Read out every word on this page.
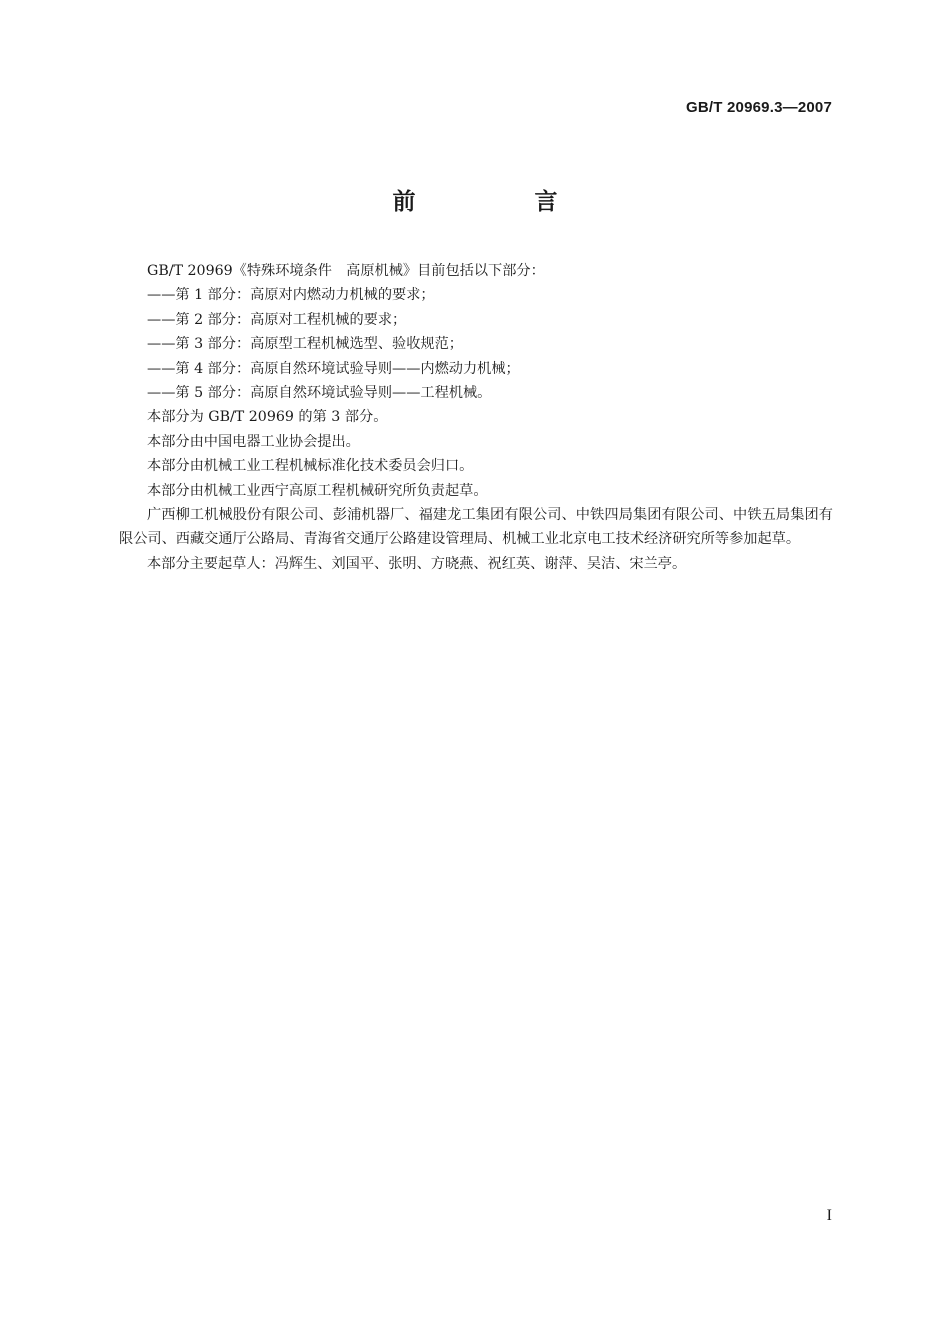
GB/T 20969.3—2007
前　言

GB/T 20969《特殊环境条件　高原机械》目前包括以下部分：

——第 1 部分：高原对内燃动力机械的要求；

——第 2 部分：高原对工程机械的要求；

——第 3 部分：高原型工程机械选型、验收规范；

——第 4 部分：高原自然环境试验导则——内燃动力机械；

——第 5 部分：高原自然环境试验导则——工程机械。

本部分为 GB/T 20969 的第 3 部分。

本部分由中国电器工业协会提出。

本部分由机械工业工程机械标准化技术委员会归口。

本部分由机械工业西宁高原工程机械研究所负责起草。

广西柳工机械股份有限公司、彭浦机器厂、福建龙工集团有限公司、中铁四局集团有限公司、中铁五局集团有限公司、西藏交通厅公路局、青海省交通厅公路建设管理局、机械工业北京电工技术经济研究所等参加起草。

本部分主要起草人：冯辉生、刘国平、张明、方晓燕、祝红英、谢萍、吴洁、宋兰亭。

I
